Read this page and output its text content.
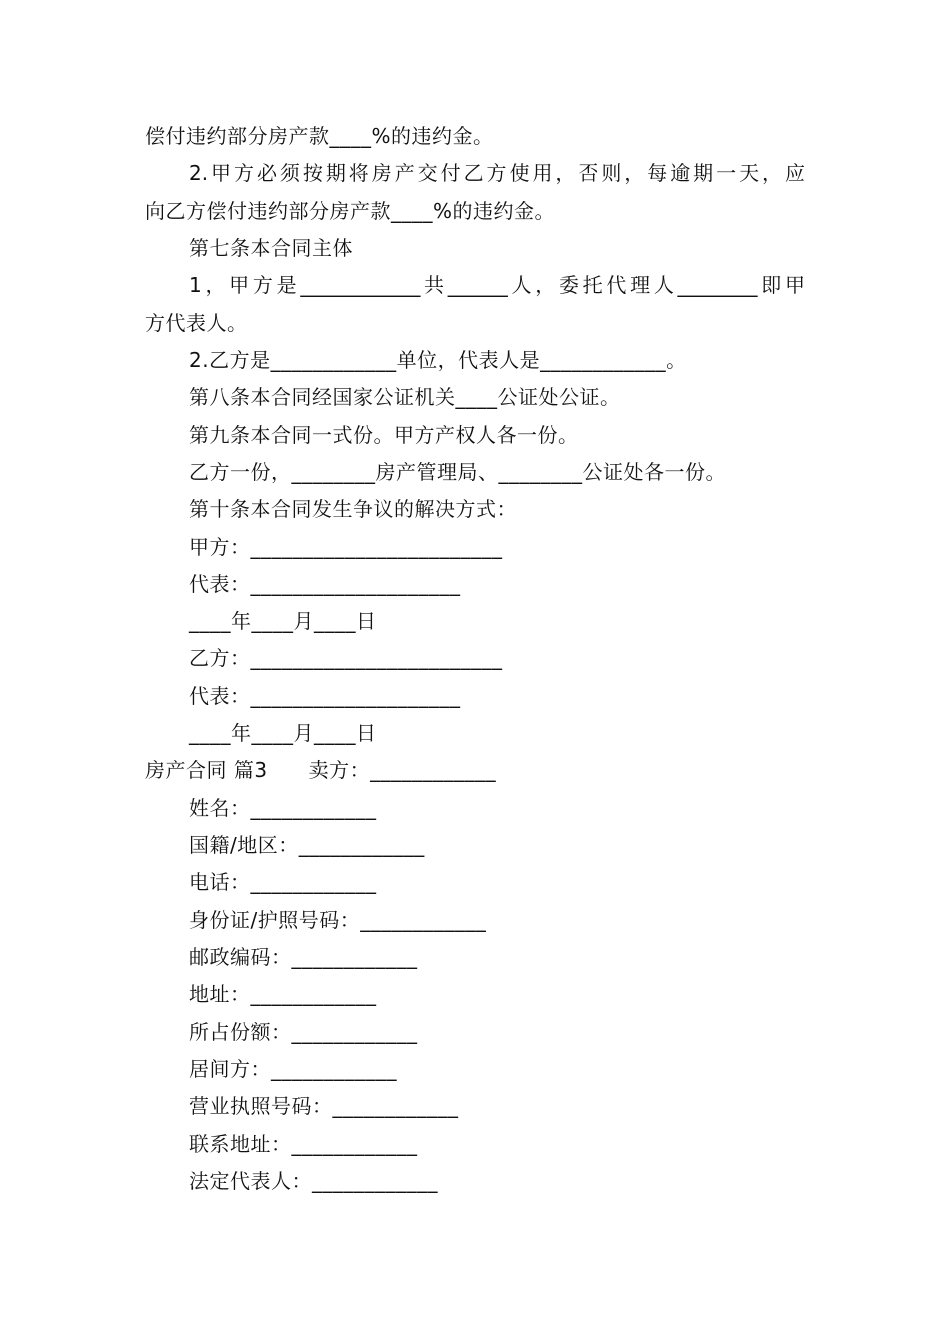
偿付违约部分房产款____%的违约金。

2.甲方必须按期将房产交付乙方使用，否则，每逾期一天，应

向乙方偿付违约部分房产款____%的违约金。

第七条本合同主体

1，甲方是____________共______人，委托代理人________即甲

方代表人。

2.乙方是____________单位，代表人是____________。

第八条本合同经国家公证机关____公证处公证。

第九条本合同一式份。甲方产权人各一份。

乙方一份，________房产管理局、________公证处各一份。

第十条本合同发生争议的解决方式：

甲方：________________________

代表：____________________

____年____月____日

乙方：________________________

代表：____________________

____年____月____日

房产合同 篇3　　卖方：____________

姓名：____________

国籍/地区：____________

电话：____________

身份证/护照号码：____________

邮政编码：____________

地址：____________

所占份额：____________

居间方：____________

营业执照号码：____________

联系地址：____________

法定代表人：____________
